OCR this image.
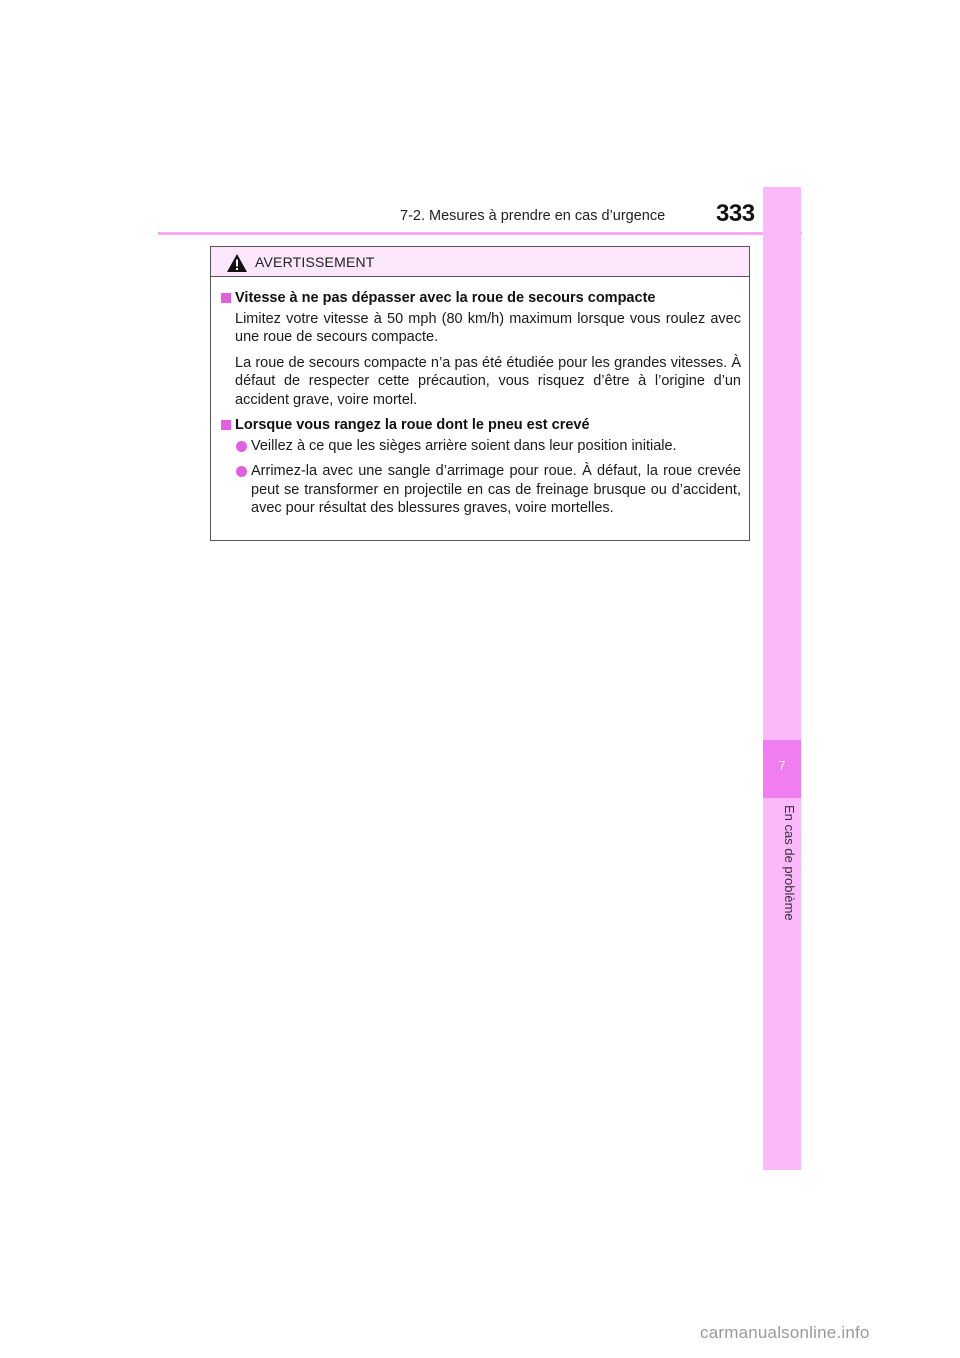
7-2. Mesures à prendre en cas d’urgence 333
7
En cas de problème
AVERTISSEMENT
Vitesse à ne pas dépasser avec la roue de secours compacte
Limitez votre vitesse à 50 mph (80 km/h) maximum lorsque vous roulez avec une roue de secours compacte.
La roue de secours compacte n’a pas été étudiée pour les grandes vitesses. À défaut de respecter cette précaution, vous risquez d’être à l’origine d’un accident grave, voire mortel.
Lorsque vous rangez la roue dont le pneu est crevé
Veillez à ce que les sièges arrière soient dans leur position initiale.
Arrimez-la avec une sangle d’arrimage pour roue. À défaut, la roue crevée peut se transformer en projectile en cas de freinage brusque ou d’accident, avec pour résultat des blessures graves, voire mortelles.
carmanualsonline.info
